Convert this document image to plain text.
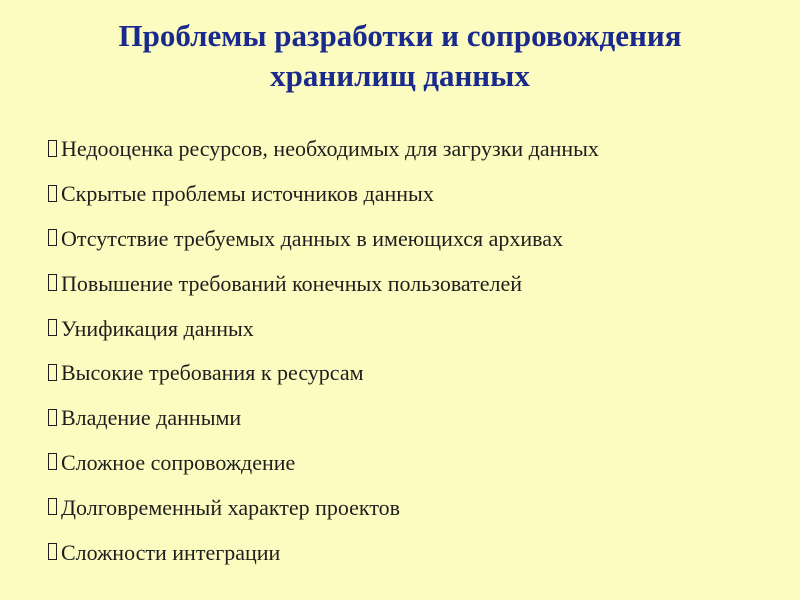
Проблемы разработки и сопровождения
хранилищ данных
Недооценка ресурсов, необходимых для загрузки данных
Скрытые проблемы источников данных
Отсутствие требуемых данных в имеющихся архивах
Повышение требований конечных пользователей
Унификация данных
Высокие требования к ресурсам
Владение данными
Сложное сопровождение
Долговременный характер проектов
Сложности интеграции
